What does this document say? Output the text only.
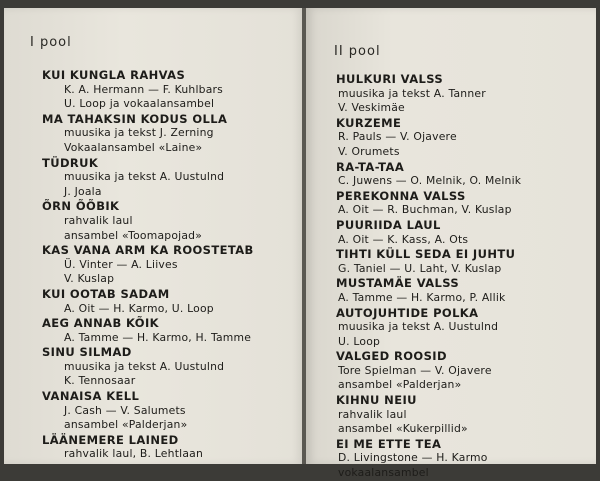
I pool
KUI KUNGLA RAHVAS
K. A. Hermann — F. Kuhlbars
U. Loop ja vokaalansambel
MA TAHAKSIN KODUS OLLA
muusika ja tekst J. Zerning
Vokaalansambel «Laine»
TÜDRUK
muusika ja tekst A. Uustulnd
J. Joala
ÕRN ÕÕBIK
rahvalik laul
ansambel «Toomapojad»
KAS VANA ARM KA ROOSTETAB
Ü. Vinter — A. Liives
V. Kuslap
KUI OOTAB SADAM
A. Oit — H. Karmo, U. Loop
AEG ANNAB KÕIK
A. Tamme — H. Karmo, H. Tamme
SINU SILMAD
muusika ja tekst A. Uustulnd
K. Tennosaar
VANAISA KELL
J. Cash — V. Salumets
ansambel «Palderjan»
LÄÄNEMERE LAINED
rahvalik laul, B. Lehtlaan
II pool
HULKURI VALSS
muusika ja tekst A. Tanner
V. Veskimäe
KURZEME
R. Pauls — V. Ojavere
V. Orumets
RA-TA-TAA
C. Juwens — O. Melnik, O. Melnik
PEREKONNA VALSS
A. Oit — R. Buchman, V. Kuslap
PUURIIDA LAUL
A. Oit — K. Kass, A. Ots
TIHTI KÜLL SEDA EI JUHTU
G. Taniel — U. Laht, V. Kuslap
MUSTAMÄE VALSS
A. Tamme — H. Karmo, P. Allik
AUTOJUHTIDE POLKA
muusika ja tekst A. Uustulnd
U. Loop
VALGED ROOSID
Tore Spielman — V. Ojavere
ansambel «Palderjan»
KIHNU NEIU
rahvalik laul
ansambel «Kukerpillid»
EI ME ETTE TEA
D. Livingstone — H. Karmo
vokaalansambel
